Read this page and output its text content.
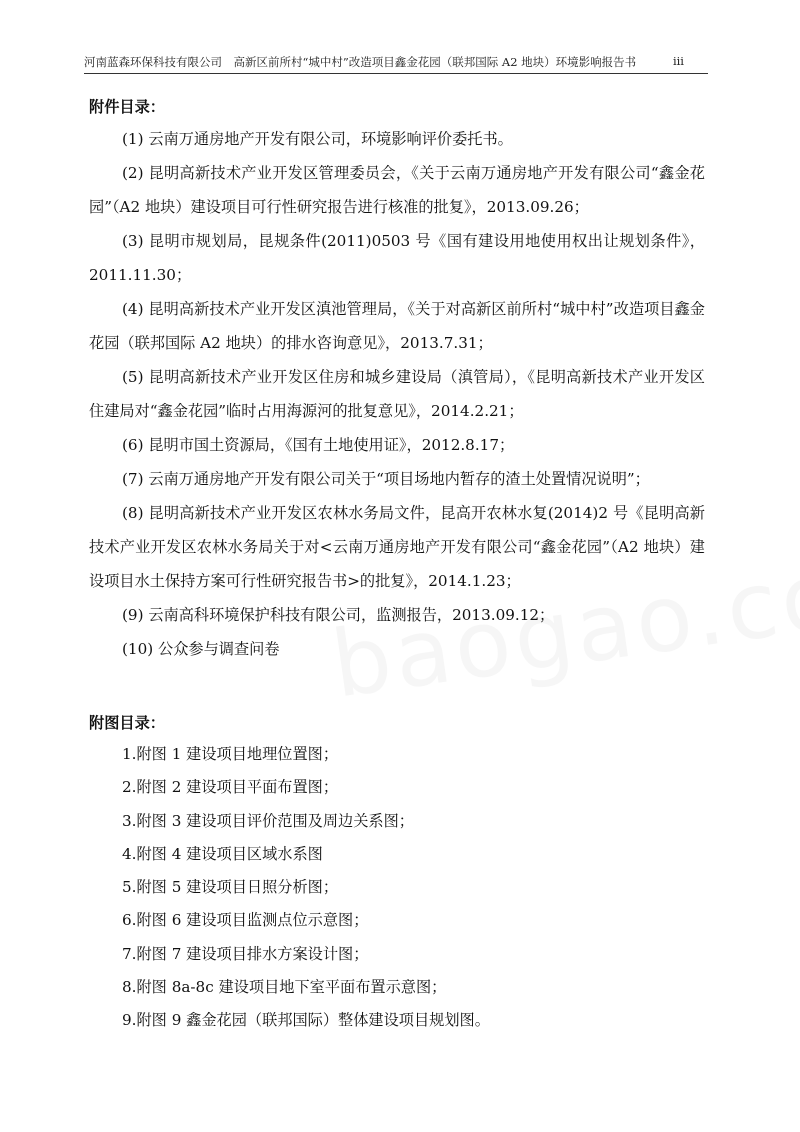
河南蓝森环保科技有限公司　高新区前所村“城中村”改造项目鑫金花园（联邦国际 A2 地块）环境影响报告书	iii

附件目录：

(1) 云南万通房地产开发有限公司，环境影响评价委托书。

(2) 昆明高新技术产业开发区管理委员会，《关于云南万通房地产开发有限公司“鑫金花园”（A2 地块）建设项目可行性研究报告进行核准的批复》，2013.09.26；

(3) 昆明市规划局，昆规条件(2011)0503 号《国有建设用地使用权出让规划条件》，2011.11.30；

(4) 昆明高新技术产业开发区滇池管理局，《关于对高新区前所村“城中村”改造项目鑫金花园（联邦国际 A2 地块）的排水咨询意见》，2013.7.31；

(5) 昆明高新技术产业开发区住房和城乡建设局（滇管局），《昆明高新技术产业开发区住建局对“鑫金花园”临时占用海源河的批复意见》，2014.2.21；

(6) 昆明市国土资源局，《国有土地使用证》，2012.8.17；

(7) 云南万通房地产开发有限公司关于“项目场地内暂存的渣土处置情况说明”；

(8) 昆明高新技术产业开发区农林水务局文件，昆高开农林水复(2014)2 号《昆明高新技术产业开发区农林水务局关于对<云南万通房地产开发有限公司“鑫金花园”（A2 地块）建设项目水土保持方案可行性研究报告书>的批复》，2014.1.23；

(9) 云南高科环境保护科技有限公司，监测报告，2013.09.12；

(10) 公众参与调查问卷

附图目录：

1.附图 1 建设项目地理位置图；

2.附图 2 建设项目平面布置图；

3.附图 3 建设项目评价范围及周边关系图；

4.附图 4 建设项目区域水系图

5.附图 5 建设项目日照分析图；

6.附图 6 建设项目监测点位示意图；

7.附图 7 建设项目排水方案设计图；

8.附图 8a-8c 建设项目地下室平面布置示意图；

9.附图 9 鑫金花园（联邦国际）整体建设项目规划图。
